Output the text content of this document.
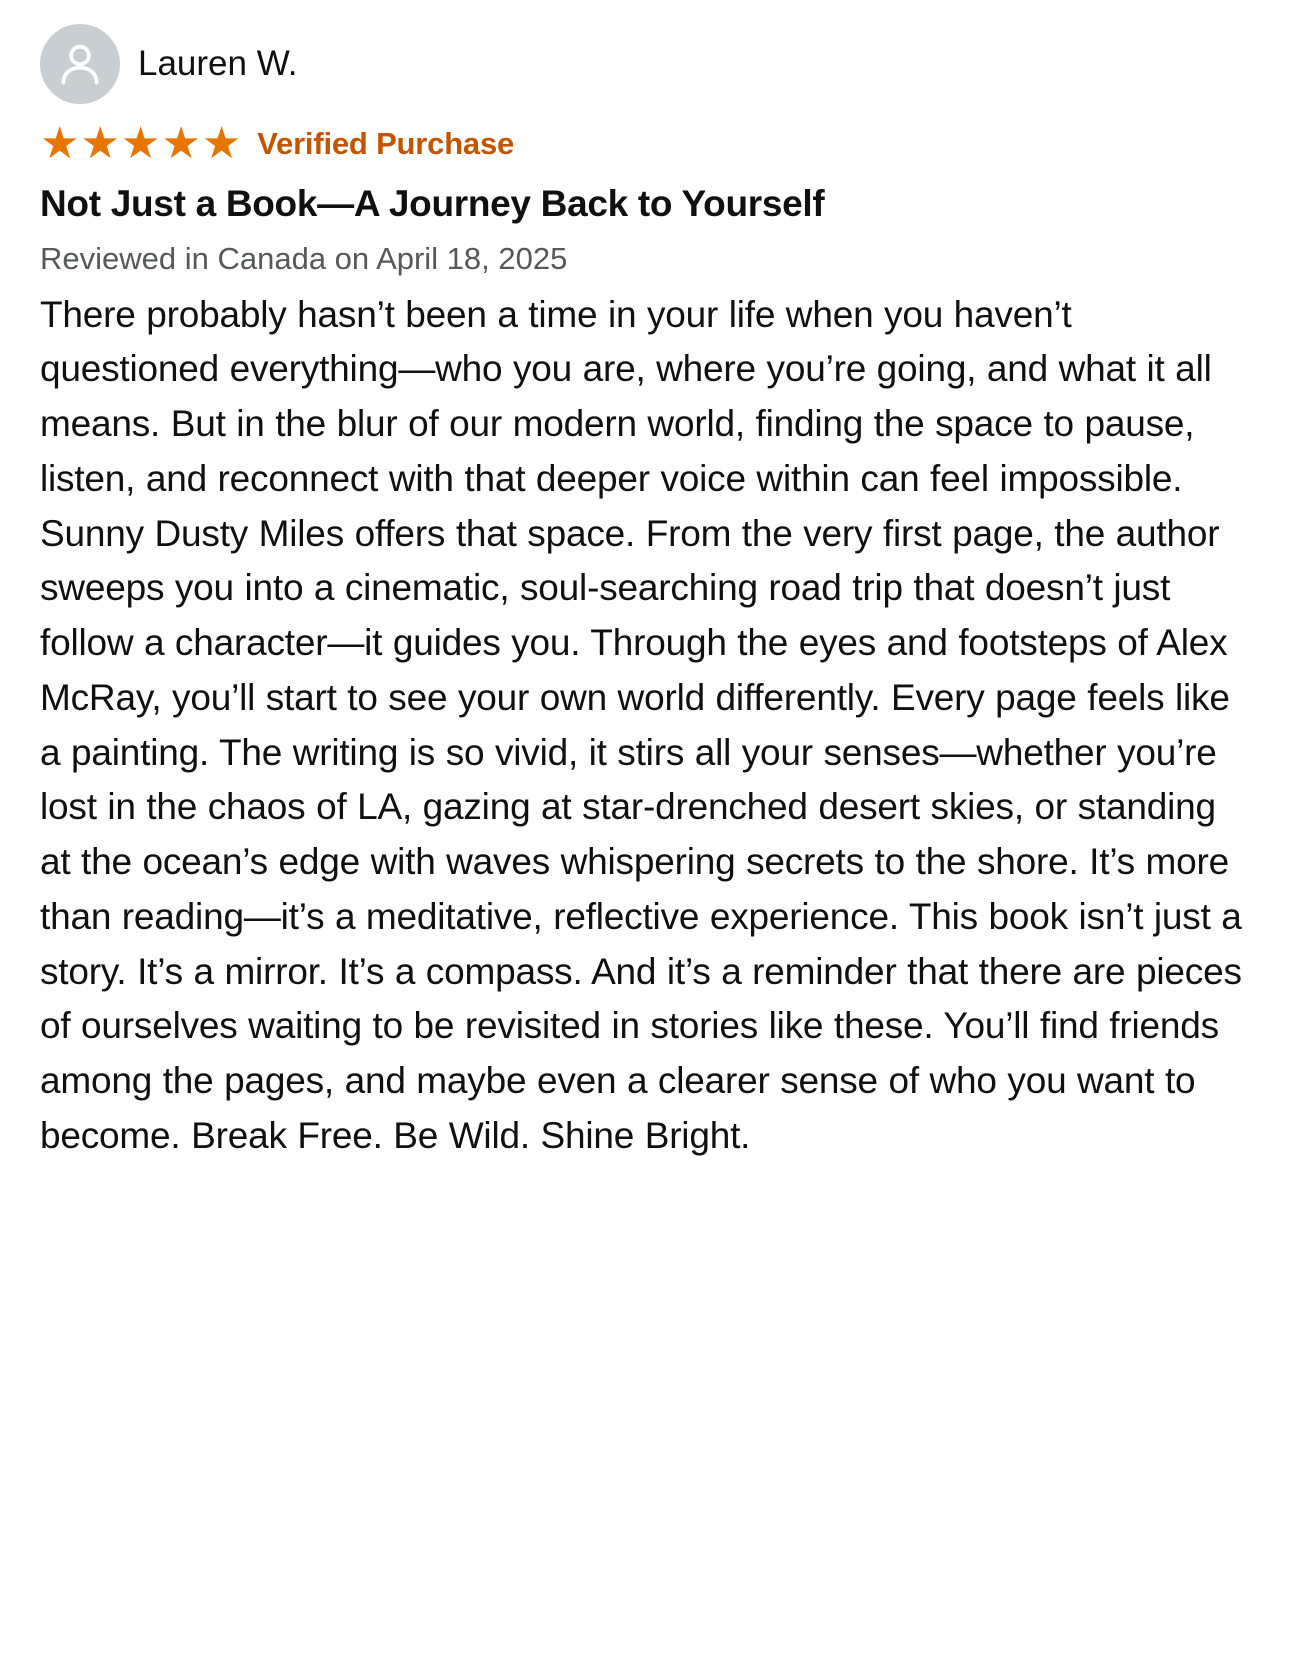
Lauren W.
★ ★ ★ ★ ★ Verified Purchase
Not Just a Book—A Journey Back to Yourself
Reviewed in Canada on April 18, 2025
There probably hasn’t been a time in your life when you haven’t questioned everything—who you are, where you’re going, and what it all means. But in the blur of our modern world, finding the space to pause, listen, and reconnect with that deeper voice within can feel impossible. Sunny Dusty Miles offers that space. From the very first page, the author sweeps you into a cinematic, soul-searching road trip that doesn’t just follow a character—it guides you. Through the eyes and footsteps of Alex McRay, you’ll start to see your own world differently. Every page feels like a painting. The writing is so vivid, it stirs all your senses—whether you’re lost in the chaos of LA, gazing at star-drenched desert skies, or standing at the ocean’s edge with waves whispering secrets to the shore. It’s more than reading—it’s a meditative, reflective experience. This book isn’t just a story. It’s a mirror. It’s a compass. And it’s a reminder that there are pieces of ourselves waiting to be revisited in stories like these. You’ll find friends among the pages, and maybe even a clearer sense of who you want to become. Break Free. Be Wild. Shine Bright.
